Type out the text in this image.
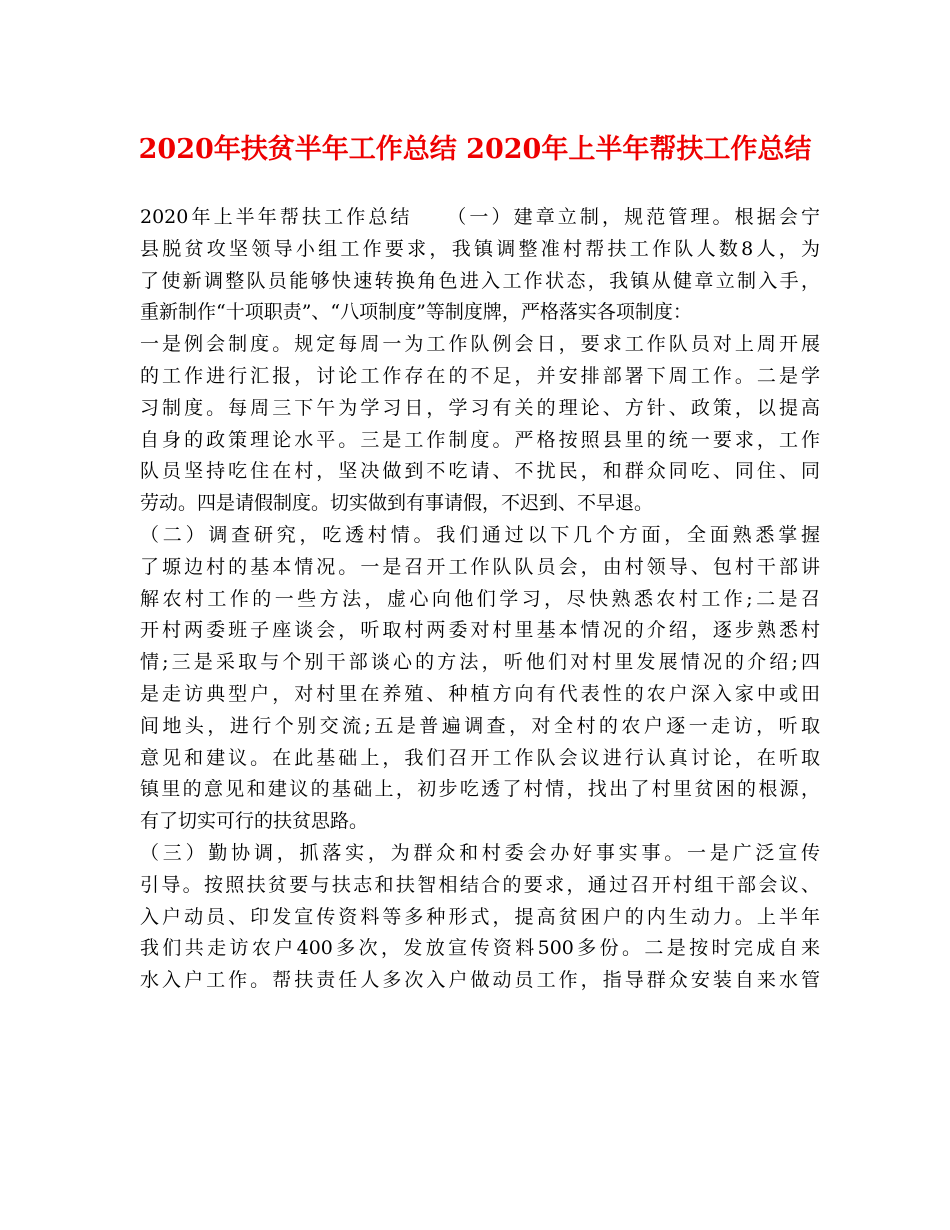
2020年扶贫半年工作总结 2020年上半年帮扶工作总结

2020年上半年帮扶工作总结　　（一）建章立制，规范管理。根据会宁
县脱贫攻坚领导小组工作要求，我镇调整准村帮扶工作队人数8人，为
了使新调整队员能够快速转换角色进入工作状态，我镇从健章立制入手，
重新制作“十项职责”、“八项制度”等制度牌，严格落实各项制度：
一是例会制度。规定每周一为工作队例会日，要求工作队员对上周开展
的工作进行汇报，讨论工作存在的不足，并安排部署下周工作。二是学
习制度。每周三下午为学习日，学习有关的理论、方针、政策，以提高
自身的政策理论水平。三是工作制度。严格按照县里的统一要求，工作
队员坚持吃住在村，坚决做到不吃请、不扰民，和群众同吃、同住、同
劳动。四是请假制度。切实做到有事请假，不迟到、不早退。

（二）调查研究，吃透村情。我们通过以下几个方面，全面熟悉掌握
了塬边村的基本情况。一是召开工作队队员会，由村领导、包村干部讲
解农村工作的一些方法，虚心向他们学习，尽快熟悉农村工作;二是召
开村两委班子座谈会，听取村两委对村里基本情况的介绍，逐步熟悉村
情;三是采取与个别干部谈心的方法，听他们对村里发展情况的介绍;四
是走访典型户，对村里在养殖、种植方向有代表性的农户深入家中或田
间地头，进行个别交流;五是普遍调查，对全村的农户逐一走访，听取
意见和建议。在此基础上，我们召开工作队会议进行认真讨论，在听取
镇里的意见和建议的基础上，初步吃透了村情，找出了村里贫困的根源，
有了切实可行的扶贫思路。

（三）勤协调，抓落实，为群众和村委会办好事实事。一是广泛宣传
引导。按照扶贫要与扶志和扶智相结合的要求，通过召开村组干部会议、
入户动员、印发宣传资料等多种形式，提高贫困户的内生动力。上半年
我们共走访农户400多次，发放宣传资料500多份。二是按时完成自来
水入户工作。帮扶责任人多次入户做动员工作，指导群众安装自来水管
